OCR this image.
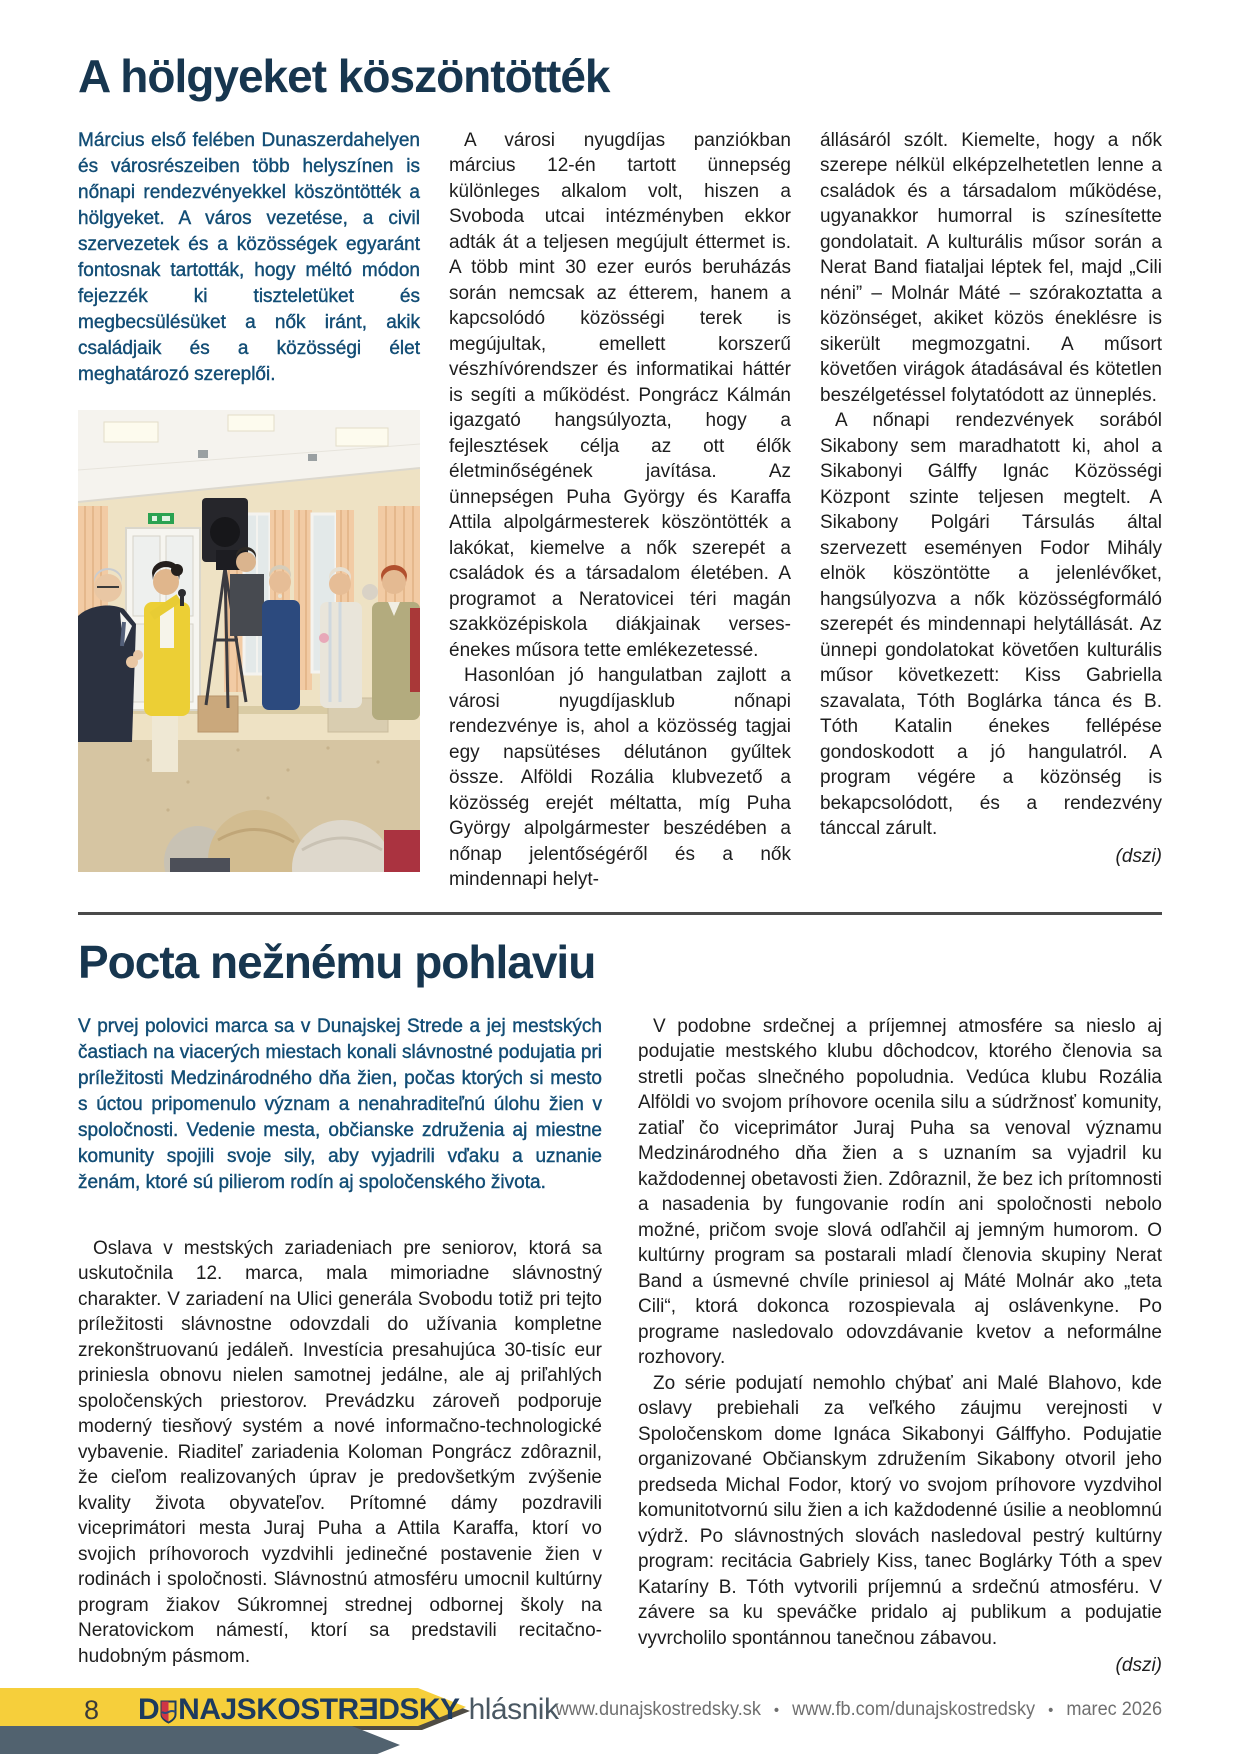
A hölgyeket köszöntötték

Március első felében Dunaszerdahelyen és városrészeiben több helyszínen is nőnapi rendezvényekkel köszöntötték a hölgyeket. A város vezetése, a civil szervezetek és a közösségek egyaránt fontosnak tartották, hogy méltó módon fejezzék ki tiszteletüket és megbecsülésüket a nők iránt, akik családjaik és a közösségi élet meghatározó szereplői.

A városi nyugdíjas panziókban március 12-én tartott ünnepség különleges alkalom volt, hiszen a Svoboda utcai intézményben ekkor adták át a teljesen megújult éttermet is. A több mint 30 ezer eurós beruházás során nemcsak az étterem, hanem a kapcsolódó közösségi terek is megújultak, emellett korszerű vészhívórendszer és informatikai háttér is segíti a működést. Pongrácz Kálmán igazgató hangsúlyozta, hogy a fejlesztések célja az ott élők életminőségének javítása. Az ünnepségen Puha György és Karaffa Attila alpolgármesterek köszöntötték a lakókat, kiemelve a nők szerepét a családok és a társadalom életében. A programot a Neratovicei téri magán szakközépiskola diákjainak verses-énekes műsora tette emlékezetessé.

Hasonlóan jó hangulatban zajlott a városi nyugdíjasklub nőnapi rendezvénye is, ahol a közösség tagjai egy napsütéses délutánon gyűltek össze. Alföldi Rozália klubvezető a közösség erejét méltatta, míg Puha György alpolgármester beszédében a nőnap jelentőségéről és a nők mindennapi helyt-

állásáról szólt. Kiemelte, hogy a nők szerepe nélkül elképzelhetetlen lenne a családok és a társadalom működése, ugyanakkor humorral is színesítette gondolatait. A kulturális műsor során a Nerat Band fiataljai léptek fel, majd „Cili néni” – Molnár Máté – szórakoztatta a közönséget, akiket közös éneklésre is sikerült megmozgatni. A műsort követően virágok átadásával és kötetlen beszélgetéssel folytatódott az ünneplés.

A nőnapi rendezvények sorából Sikabony sem maradhatott ki, ahol a Sikabonyi Gálffy Ignác Közösségi Központ szinte teljesen megtelt. A Sikabony Polgári Társulás által szervezett eseményen Fodor Mihály elnök köszöntötte a jelenlévőket, hangsúlyozva a nők közösségformáló szerepét és mindennapi helytállását. Az ünnepi gondolatokat követően kulturális műsor következett: Kiss Gabriella szavalata, Tóth Boglárka tánca és B. Tóth Katalin énekes fellépése gondoskodott a jó hangulatról. A program végére a közönség is bekapcsolódott, és a rendezvény tánccal zárult.

(dszi)

Pocta nežnému pohlaviu

V prvej polovici marca sa v Dunajskej Strede a jej mestských častiach na viacerých miestach konali slávnostné podujatia pri príležitosti Medzinárodného dňa žien, počas ktorých si mesto s úctou pripomenulo význam a nenahraditeľnú úlohu žien v spoločnosti. Vedenie mesta, občianske združenia aj miestne komunity spojili svoje sily, aby vyjadrili vďaku a uznanie ženám, ktoré sú pilierom rodín aj spoločenského života.

Oslava v mestských zariadeniach pre seniorov, ktorá sa uskutočnila 12. marca, mala mimoriadne slávnostný charakter. V zariadení na Ulici generála Svobodu totiž pri tejto príležitosti slávnostne odovzdali do užívania kompletne zrekonštruovanú jedáleň. Investícia presahujúca 30-tisíc eur priniesla obnovu nielen samotnej jedálne, ale aj priľahlých spoločenských priestorov. Prevádzku zároveň podporuje moderný tiesňový systém a nové informačno-technologické vybavenie. Riaditeľ zariadenia Koloman Pongrácz zdôraznil, že cieľom realizovaných úprav je predovšetkým zvýšenie kvality života obyvateľov. Prítomné dámy pozdravili viceprimátori mesta Juraj Puha a Attila Karaffa, ktorí vo svojich príhovoroch vyzdvihli jedinečné postavenie žien v rodinách i spoločnosti. Slávnostnú atmosféru umocnil kultúrny program žiakov Súkromnej strednej odbornej školy na Neratovickom námestí, ktorí sa predstavili recitačno-hudobným pásmom.

V podobne srdečnej a príjemnej atmosfére sa nieslo aj podujatie mestského klubu dôchodcov, ktorého členovia sa stretli počas slnečného popoludnia. Vedúca klubu Rozália Alföldi vo svojom príhovore ocenila silu a súdržnosť komunity, zatiaľ čo viceprimátor Juraj Puha sa venoval významu Medzinárodného dňa žien a s uznaním sa vyjadril ku každodennej obetavosti žien. Zdôraznil, že bez ich prítomnosti a nasadenia by fungovanie rodín ani spoločnosti nebolo možné, pričom svoje slová odľahčil aj jemným humorom. O kultúrny program sa postarali mladí členovia skupiny Nerat Band a úsmevné chvíle priniesol aj Máté Molnár ako „teta Cili“, ktorá dokonca rozospievala aj oslávenkyne. Po programe nasledovalo odovzdávanie kvetov a neformálne rozhovory.

Zo série podujatí nemohlo chýbať ani Malé Blahovo, kde oslavy prebiehali za veľkého záujmu verejnosti v Spoločenskom dome Ignáca Sikabonyi Gálffyho. Podujatie organizované Občianskym združením Sikabony otvoril jeho predseda Michal Fodor, ktorý vo svojom príhovore vyzdvihol komunitotvornú silu žien a ich každodenné úsilie a neoblomnú výdrž. Po slávnostných slovách nasledoval pestrý kultúrny program: recitácia Gabriely Kiss, tanec Boglárky Tóth a spev Kataríny B. Tóth vytvorili príjemnú a srdečnú atmosféru. V závere sa ku speváčke pridalo aj publikum a podujatie vyvrcholilo spontánnou tanečnou zábavou.

(dszi)

8 D NAJSKOSTR Ǝ DSKY hlásnik
www.dunajskostredsky.sk • www.fb.com/dunajskostredsky • marec 2026
